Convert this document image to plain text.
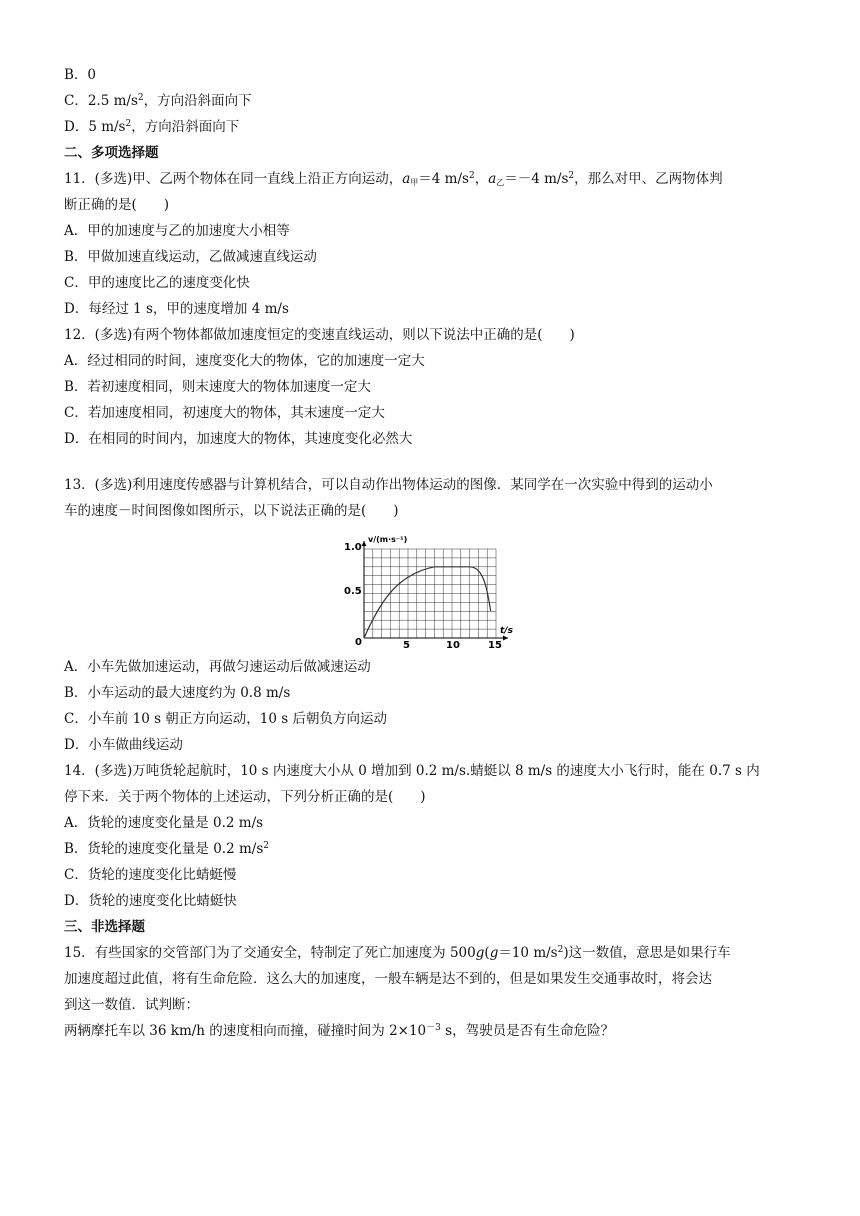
B．0
C．2.5 $m/s^2$，方向沿斜面向下
D．5 $m/s^2$，方向沿斜面向下
二、多项选择题
11．(多选)甲、乙两个物体在同一直线上沿正方向运动，$a_甲=4$ $m/s^2$，$a_乙=-4$ $m/s^2$，那么对甲、乙两物体判
断正确的是(　　)
A．甲的加速度与乙的加速度大小相等
B．甲做加速直线运动，乙做减速直线运动
C．甲的速度比乙的速度变化快
D．每经过 1 s，甲的速度增加 4 m/s
12．(多选)有两个物体都做加速度恒定的变速直线运动，则以下说法中正确的是(　　)
A．经过相同的时间，速度变化大的物体，它的加速度一定大
B．若初速度相同，则末速度大的物体加速度一定大
C．若加速度相同，初速度大的物体，其末速度一定大
D．在相同的时间内，加速度大的物体，其速度变化必然大
13．(多选)利用速度传感器与计算机结合，可以自动作出物体运动的图像．某同学在一次实验中得到的运动小
车的速度－时间图像如图所示，以下说法正确的是(　　)
v/(m·s⁻¹)
t/s
1.0
0.5
0	5	10	15
A．小车先做加速运动，再做匀速运动后做减速运动
B．小车运动的最大速度约为 0.8 m/s
C．小车前 10 s 朝正方向运动，10 s 后朝负方向运动
D．小车做曲线运动
14．(多选)万吨货轮起航时，10 s 内速度大小从 0 增加到 0.2 m/s.蜻蜓以 8 m/s 的速度大小飞行时，能在 0.7 s 内
停下来．关于两个物体的上述运动，下列分析正确的是(　　)
A．货轮的速度变化量是 0.2 m/s
B．货轮的速度变化量是 0.2 $m/s^2$
C．货轮的速度变化比蜻蜓慢
D．货轮的速度变化比蜻蜓快
三、非选择题
15．有些国家的交管部门为了交通安全，特制定了死亡加速度为 500g(g＝10 $m/s^2$)这一数值，意思是如果行车
加速度超过此值，将有生命危险．这么大的加速度，一般车辆是达不到的，但是如果发生交通事故时，将会达
到这一数值．试判断：
两辆摩托车以 36 km/h 的速度相向而撞，碰撞时间为 $2\times 10^{-3}$ s，驾驶员是否有生命危险？
